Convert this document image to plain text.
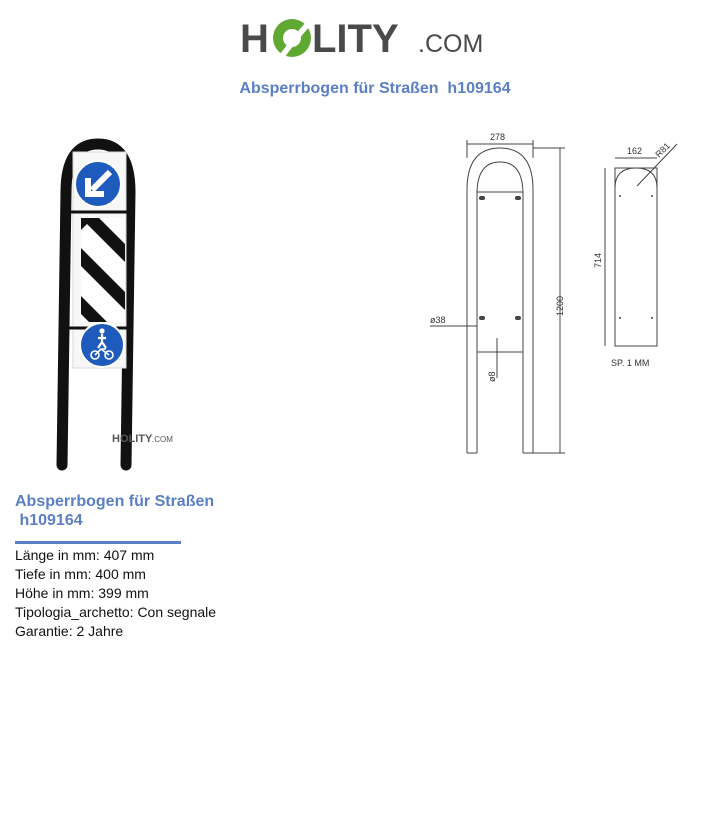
H LITY .COM
Absperrbogen für Straßen  h109164
HOLITY .COM
278
1200
ø38
ø8
162 R81
714
SP. 1 MM
Absperrbogen für Straßen
h109164
Länge in mm: 407 mm
Tiefe in mm: 400 mm
Höhe in mm: 399 mm
Tipologia_archetto: Con segnale
Garantie: 2 Jahre
